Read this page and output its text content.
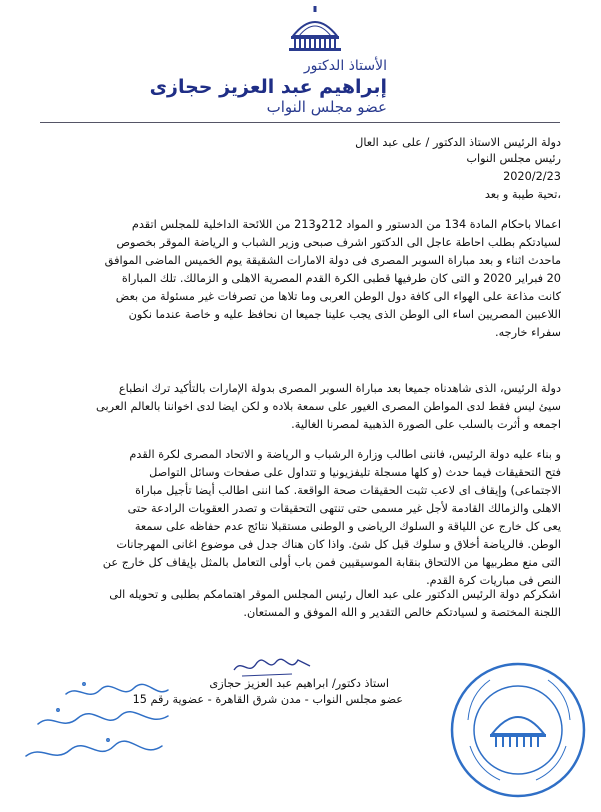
الأستاذ الدكتور
إبراهيم عبد العزيز حجازى
عضو مجلس النواب
دولة الرئيس الاستاذ الدكتور / على عبد العال
رئيس مجلس النواب
2020/2/23
تحية طيبة و بعد،
اعمالا باحكام المادة 134 من الدستور و المواد 212و213 من اللائحة الداخلية للمجلس اتقدم
لسيادتكم بطلب احاطة عاجل الى الدكتور اشرف صبحى وزير الشباب و الرياضة الموقر بخصوص
ماحدث اثناء و بعد مباراة السوبر المصرى فى دولة الامارات الشقيقة يوم الخميس الماضى الموافق
20 فبراير 2020 و التى كان طرفيها قطبى الكرة القدم المصرية الاهلى و الزمالك. تلك المباراة
كانت مذاعة على الهواء الى كافة دول الوطن العربى وما تلاها من تصرفات غير مسئولة من بعض
اللاعبين المصريين اساء الى الوطن الذى يجب علينا جميعا ان نحافظ عليه و خاصة عندما نكون
سفراء خارجه.
دولة الرئيس، الذى شاهدناه جميعا بعد مباراة السوبر المصرى بدولة الإمارات بالتأكيد ترك انطباع
سيئ ليس فقط لدى المواطن المصرى الغيور على سمعة بلاده و لكن ايضا لدى اخواننا بالعالم العربى
اجمعه و أثرت بالسلب على الصورة الذهبية لمصرنا الغالية.
و بناء عليه دولة الرئيس، فاننى اطالب وزارة الرشباب و الرياضة و الاتحاد المصرى لكرة القدم
فتح التحقيقات فيما حدث (و كلها مسجلة تليفزيونيا و تتداول على صفحات وسائل التواصل
الاجتماعى) وإيقاف اى لاعب تثبت الحقيقات صحة الواقعة. كما اننى اطالب أيضا تأجيل مباراة
الاهلى والزمالك القادمة لأجل غير مسمى حتى تنتهى التحقيقات و تصدر العقوبات الرادعة حتى
يعى كل خارج عن اللياقة و السلوك الرياضى و الوطنى مستقبلا نتائج عدم حفاظه على سمعة
الوطن. فالرياضة أخلاق و سلوك قبل كل شئ. واذا كان هناك جدل فى موضوع اغانى المهرجانات
التى منع مطربيها من الالتحاق بنقابة الموسيقيين فمن باب أولى التعامل بالمثل بإيقاف كل خارج عن
النص فى مباريات كرة القدم.
اشكركم دولة الرئيس الدكتور على عبد العال رئيس المجلس الموقر اهتمامكم بطلبى و تحويله الى
اللجنة المختصة و لسيادتكم خالص التقدير و الله الموفق و المستعان.
استاذ دكتور/ ابراهيم عبد العزيز حجازى
عضو مجلس النواب - مدن شرق القاهرة - عضوية رقم 15
